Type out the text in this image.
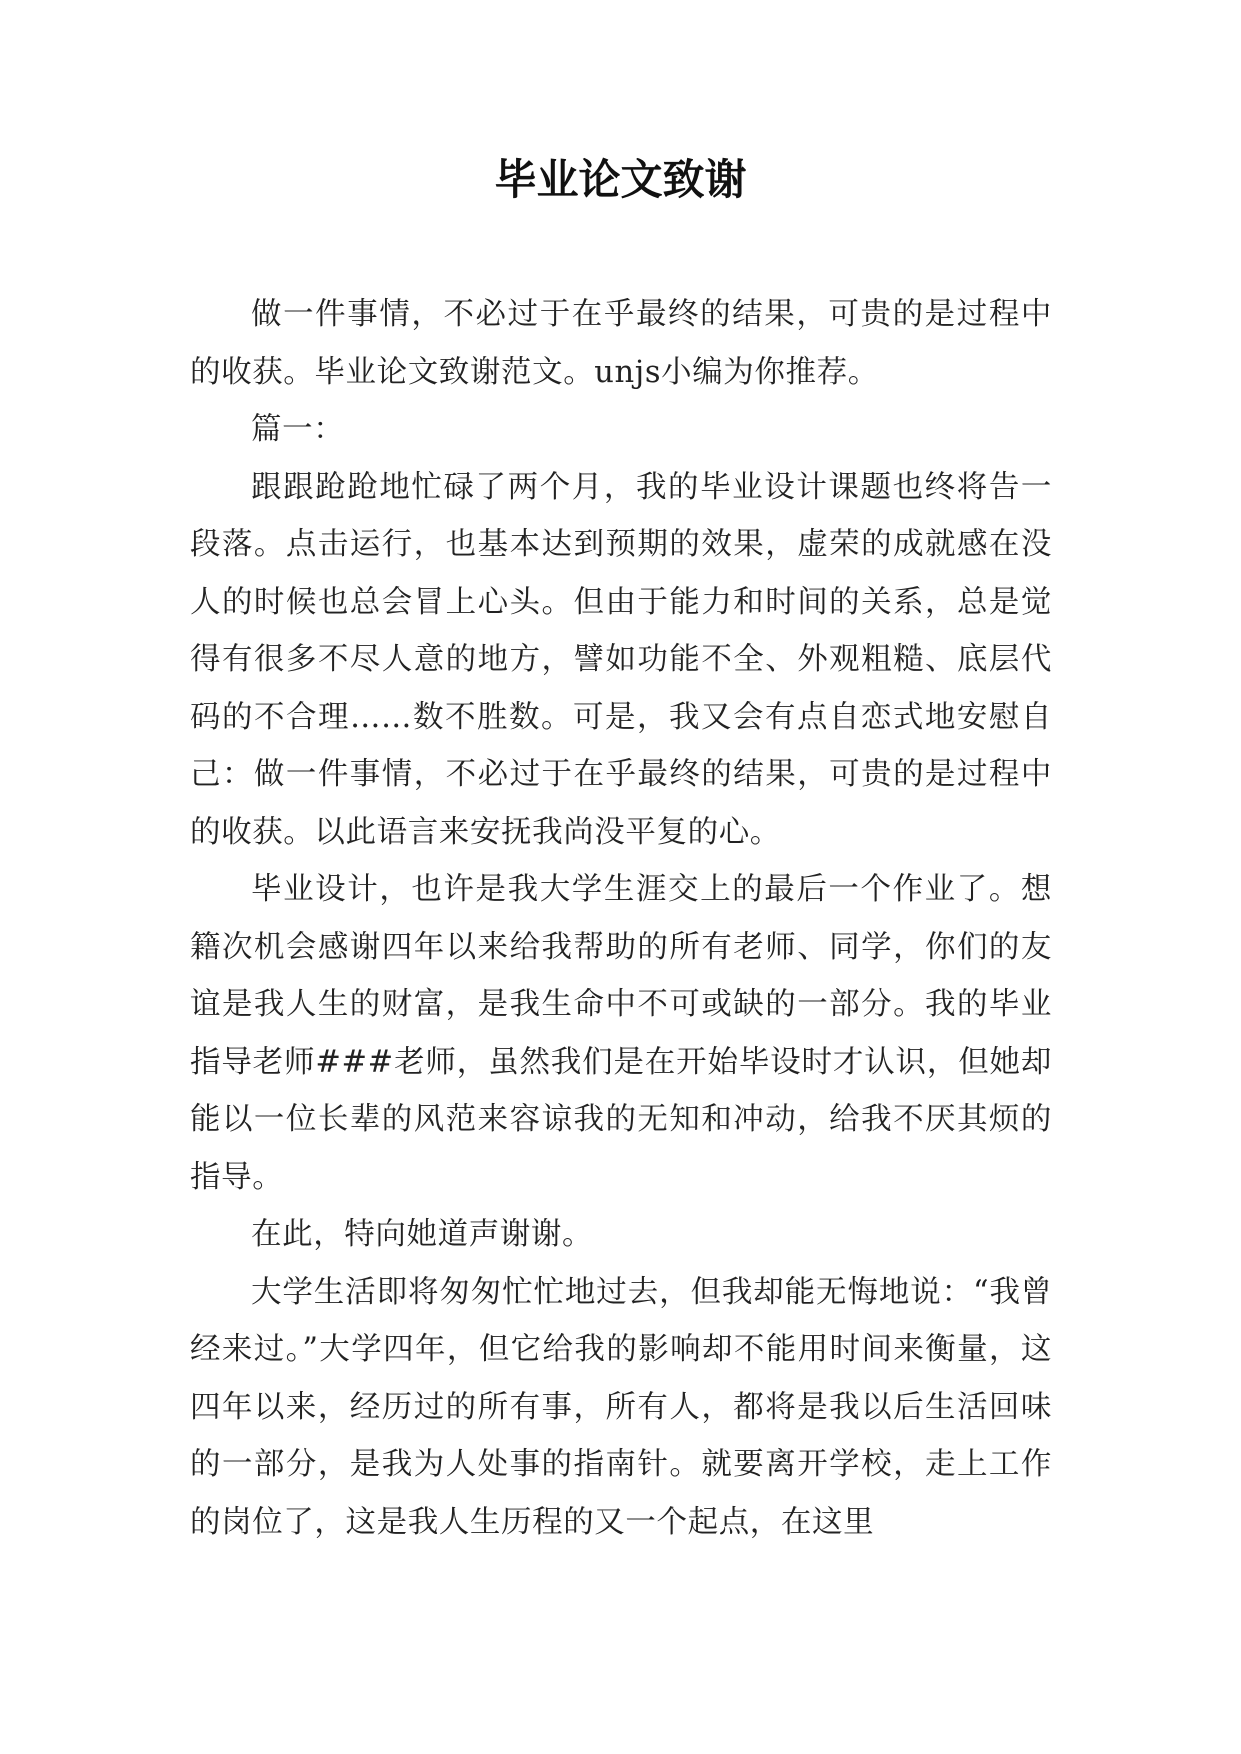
毕业论文致谢

做一件事情，不必过于在乎最终的结果，可贵的是过程中的收获。毕业论文致谢范文。unjs小编为你推荐。

篇一：

跟跟跄跄地忙碌了两个月，我的毕业设计课题也终将告一段落。点击运行，也基本达到预期的效果，虚荣的成就感在没人的时候也总会冒上心头。但由于能力和时间的关系，总是觉得有很多不尽人意的地方，譬如功能不全、外观粗糙、底层代码的不合理……数不胜数。可是，我又会有点自恋式地安慰自己：做一件事情，不必过于在乎最终的结果，可贵的是过程中的收获。以此语言来安抚我尚没平复的心。

毕业设计，也许是我大学生涯交上的最后一个作业了。想籍次机会感谢四年以来给我帮助的所有老师、同学，你们的友谊是我人生的财富，是我生命中不可或缺的一部分。我的毕业指导老师###老师，虽然我们是在开始毕设时才认识，但她却能以一位长辈的风范来容谅我的无知和冲动，给我不厌其烦的指导。

在此，特向她道声谢谢。

大学生活即将匆匆忙忙地过去，但我却能无悔地说：“我曾经来过。”大学四年，但它给我的影响却不能用时间来衡量，这四年以来，经历过的所有事，所有人，都将是我以后生活回味的一部分，是我为人处事的指南针。就要离开学校，走上工作的岗位了，这是我人生历程的又一个起点，在这里
